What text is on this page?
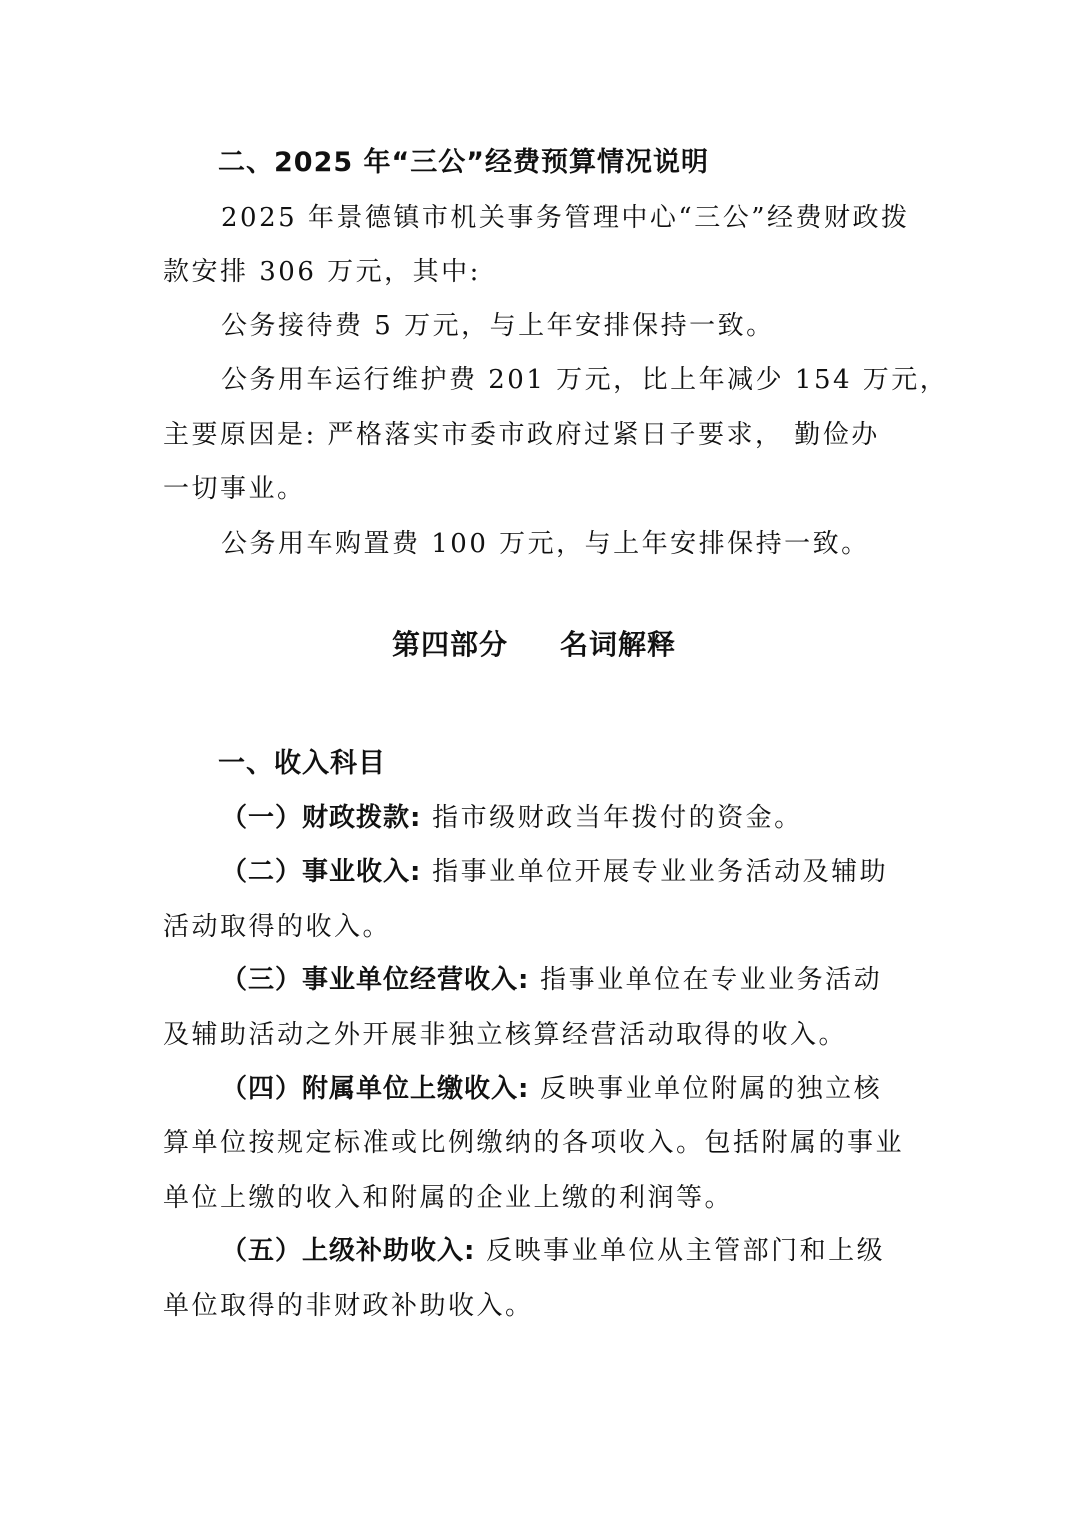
二、2025 年“三公”经费预算情况说明
2025 年景德镇市机关事务管理中心“三公”经费财政拨
款安排 306 万元，其中:
公务接待费 5 万元，与上年安排保持一致。
公务用车运行维护费 201 万元，比上年减少 154 万元，
主要原因是: 严格落实市委市政府过紧日子要求， 勤俭办
一切事业。
公务用车购置费 100 万元，与上年安排保持一致。
第四部分 名词解释
一、收入科目
（一）财政拨款: 指市级财政当年拨付的资金。
（二）事业收入: 指事业单位开展专业业务活动及辅助
活动取得的收入。
（三）事业单位经营收入: 指事业单位在专业业务活动
及辅助活动之外开展非独立核算经营活动取得的收入。
（四）附属单位上缴收入: 反映事业单位附属的独立核
算单位按规定标准或比例缴纳的各项收入。包括附属的事业
单位上缴的收入和附属的企业上缴的利润等。
（五）上级补助收入: 反映事业单位从主管部门和上级
单位取得的非财政补助收入。
